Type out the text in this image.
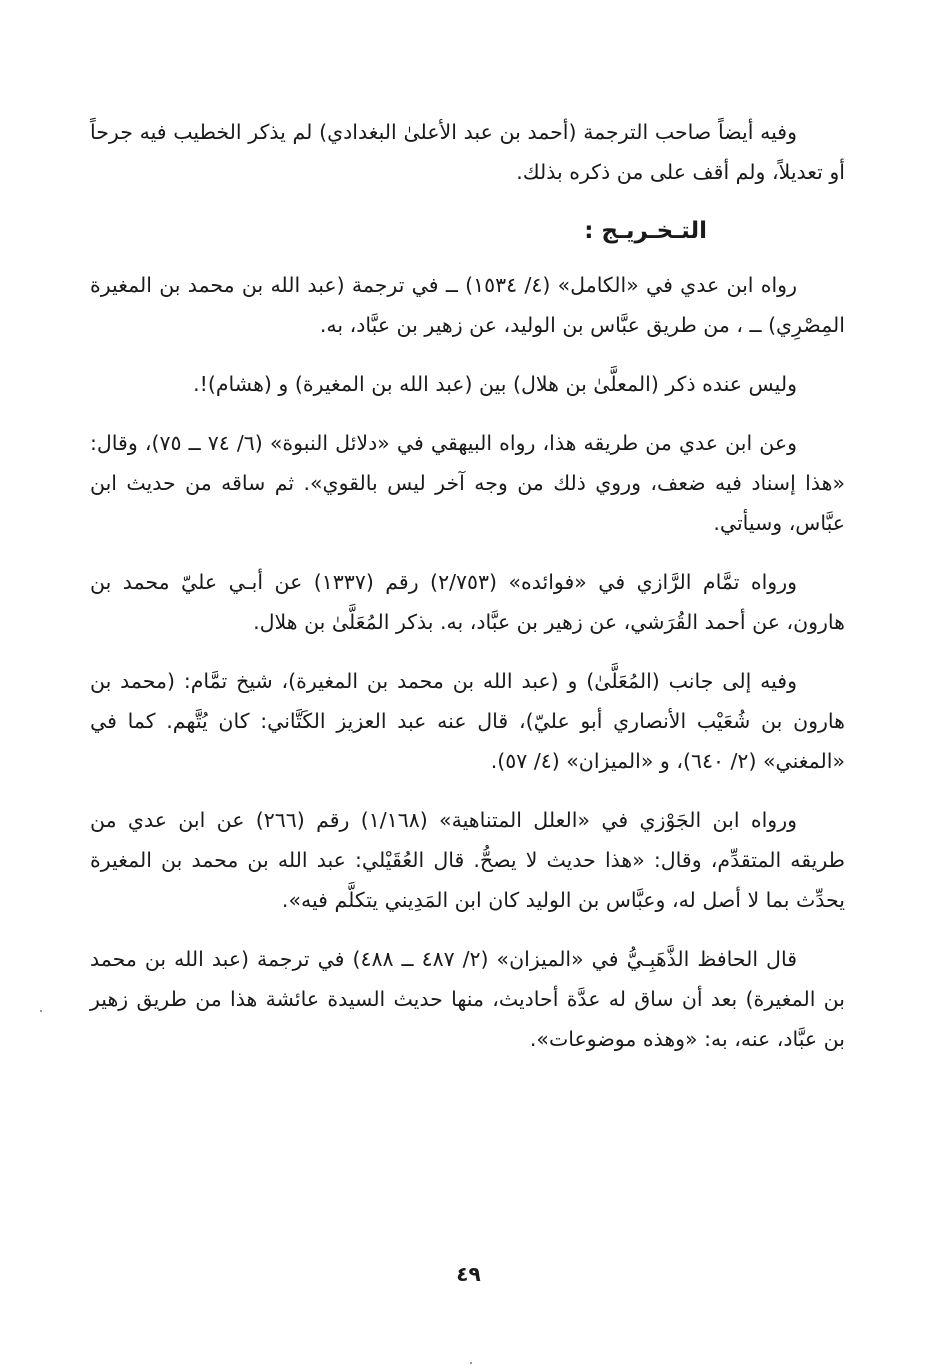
وفيه أيضاً صاحب الترجمة (أحمد بن عبد الأعلىٰ البغدادي) لم يذكر الخطيب فيه جرحاً أو تعديلاً، ولم أقف على من ذكره بذلك.

التـخـريـج :

رواه ابن عدي في «الكامل» (٤/ ١٥٣٤) ــ في ترجمة (عبد الله بن محمد بن المغيرة المِصْرِي) ــ ، من طريق عبَّاس بن الوليد، عن زهير بن عبَّاد، به.

وليس عنده ذكر (المعلَّىٰ بن هلال) بين (عبد الله بن المغيرة) و (هشام)!.

وعن ابن عدي من طريقه هذا، رواه البيهقي في «دلائل النبوة» (٦/ ٧٤ ــ ٧٥)، وقال: «هذا إسناد فيه ضعف، وروي ذلك من وجه آخر ليس بالقوي». ثم ساقه من حديث ابن عبَّاس، وسيأتي.

ورواه تمَّام الرَّازي في «فوائده» (٢/٧٥٣) رقم (١٣٣٧) عن أبـي عليّ محمد بن هارون، عن أحمد القُرَشي، عن زهير بن عبَّاد، به. بذكر المُعَلَّىٰ بن هلال.

وفيه إلى جانب (المُعَلَّىٰ) و (عبد الله بن محمد بن المغيرة)، شيخ تمَّام: (محمد بن هارون بن شُعَيْب الأنصاري أبو عليّ)، قال عنه عبد العزيز الكَتَّاني: كان يُتَّهم. كما في «المغني» (٢/ ٦٤٠)، و «الميزان» (٤/ ٥٧).

ورواه ابن الجَوْزي في «العلل المتناهية» (١/١٦٨) رقم (٢٦٦) عن ابن عدي من طريقه المتقدِّم، وقال: «هذا حديث لا يصحُّ. قال العُقَيْلي: عبد الله بن محمد بن المغيرة يحدِّث بما لا أصل له، وعبَّاس بن الوليد كان ابن المَدِيني يتكلَّم فيه».

قال الحافظ الذَّهَبِـيُّ في «الميزان» (٢/ ٤٨٧ ــ ٤٨٨) في ترجمة (عبد الله بن محمد بن المغيرة) بعد أن ساق له عدَّة أحاديث، منها حديث السيدة عائشة هذا من طريق زهير بن عبَّاد، عنه، به: «وهذه موضوعات».

٤٩
